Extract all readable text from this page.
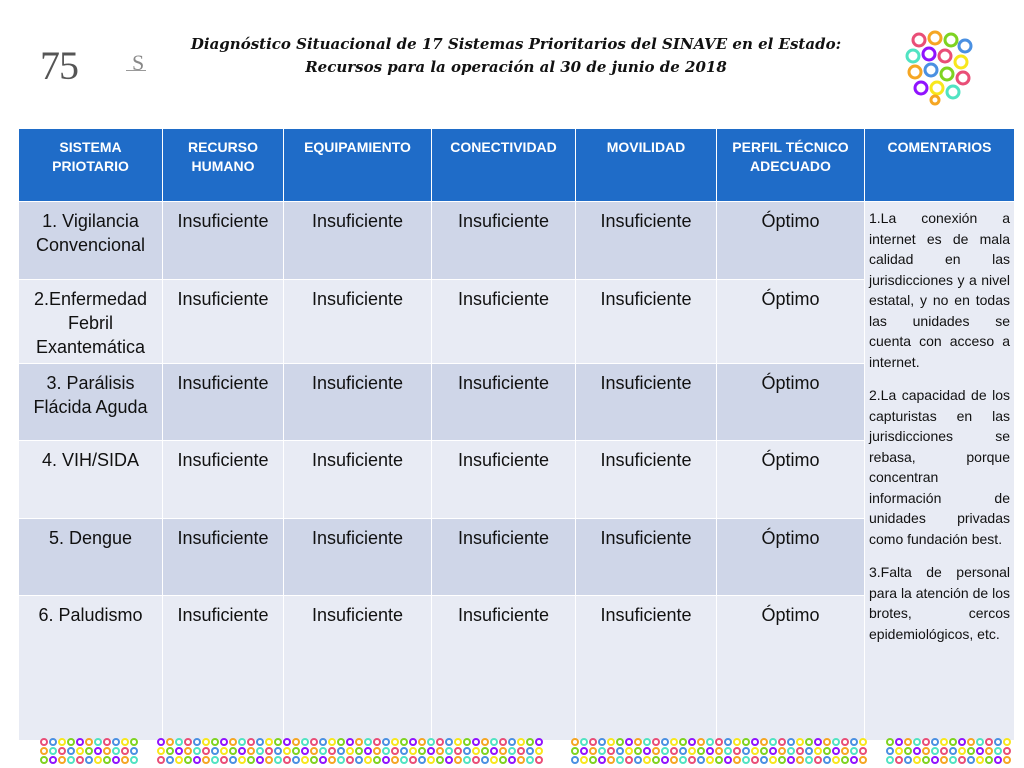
75 S
Diagnóstico Situacional de 17 Sistemas Prioritarios del SINAVE en el Estado: Recursos para la operación al 30 de junio de 2018
SISTEMA PRIOTARIO	RECURSO HUMANO	EQUIPAMIENTO	CONECTIVIDAD	MOVILIDAD	PERFIL TÉCNICO ADECUADO	COMENTARIOS
1. Vigilancia Convencional	Insuficiente	Insuficiente	Insuficiente	Insuficiente	Óptimo	1.La conexión a internet es de mala calidad en las jurisdicciones y a nivel estatal, y no en todas las unidades se cuenta con acceso a internet.

2.La capacidad de los capturistas en las jurisdicciones se rebasa, porque concentran información de unidades privadas como fundación best.

3.Falta de personal para la atención de los brotes, cercos epidemiológicos, etc.

2.Enfermedad Febril Exantemática	Insuficiente	Insuficiente	Insuficiente	Insuficiente	Óptimo	
3. Parálisis Flácida Aguda	Insuficiente	Insuficiente	Insuficiente	Insuficiente	Óptimo	
4. VIH/SIDA	Insuficiente	Insuficiente	Insuficiente	Insuficiente	Óptimo	
5. Dengue	Insuficiente	Insuficiente	Insuficiente	Insuficiente	Óptimo	
6. Paludismo	Insuficiente	Insuficiente	Insuficiente	Insuficiente	Óptimo	
